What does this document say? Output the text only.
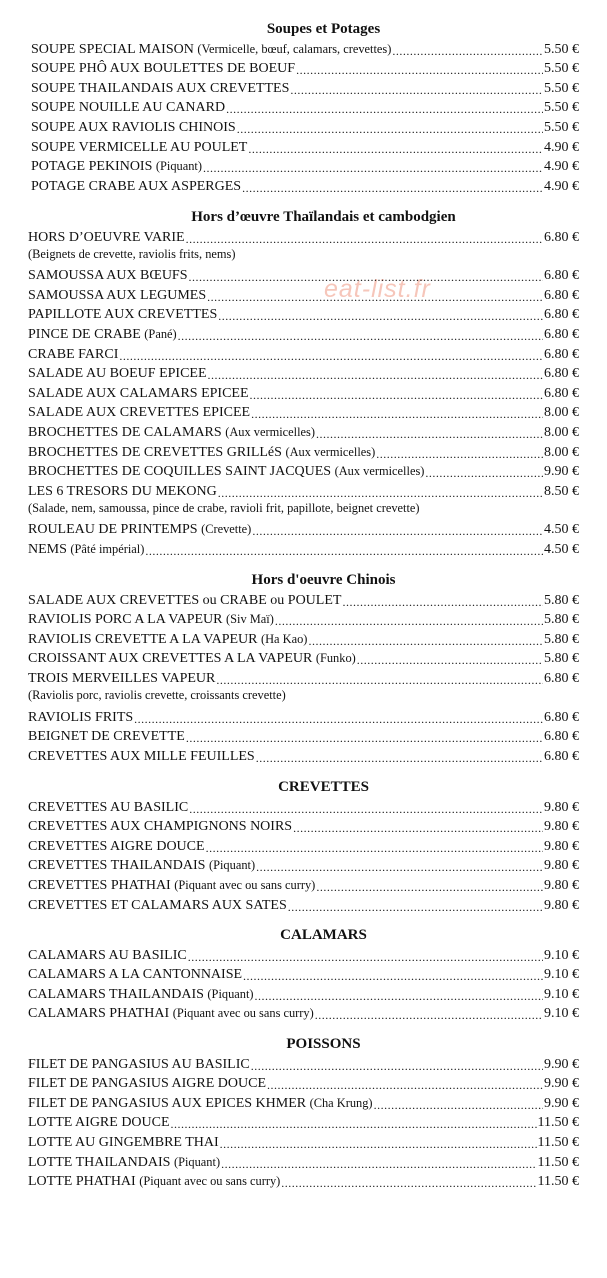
eat-list.fr
Soupes et Potages
SOUPE SPECIAL MAISON (Vermicelle, bœuf, calamars, crevettes) .....	5.50 €
SOUPE PHÔ AUX BOULETTES DE BOEUF .....	5.50 €
SOUPE THAILANDAIS AUX CREVETTES .....	5.50 €
SOUPE NOUILLE AU CANARD .....	5.50 €
SOUPE AUX RAVIOLIS CHINOIS .....	5.50 €
SOUPE VERMICELLE AU POULET .....	4.90 €
POTAGE PEKINOIS (Piquant) .....	4.90 €
POTAGE CRABE AUX ASPERGES .....	4.90 €
Hors d’œuvre Thaïlandais et cambodgien
HORS D’OEUVRE VARIE .....	6.80 €
(Beignets de crevette, raviolis frits, nems)
SAMOUSSA AUX BŒUFS .....	6.80 €
SAMOUSSA AUX LEGUMES .....	6.80 €
PAPILLOTE AUX CREVETTES .....	6.80 €
PINCE DE CRABE (Pané) .....	6.80 €
CRABE FARCI .....	6.80 €
SALADE AU BOEUF EPICEE .....	6.80 €
SALADE AUX CALAMARS EPICEE .....	6.80 €
SALADE AUX CREVETTES EPICEE .....	8.00 €
BROCHETTES DE CALAMARS (Aux vermicelles) .....	8.00 €
BROCHETTES DE CREVETTES GRILLéS (Aux vermicelles) .....	8.00 €
BROCHETTES DE COQUILLES SAINT JACQUES (Aux vermicelles) .....	9.90 €
LES 6 TRESORS DU MEKONG .....	8.50 €
(Salade, nem, samoussa, pince de crabe, ravioli frit, papillote, beignet crevette)
ROULEAU DE PRINTEMPS (Crevette) .....	4.50 €
NEMS (Pâté impérial) .....	4.50 €
Hors d'oeuvre Chinois
SALADE AUX CREVETTES ou CRABE ou POULET .....	5.80 €
RAVIOLIS PORC A LA VAPEUR (Siv Maï) .....	5.80 €
RAVIOLIS CREVETTE A LA VAPEUR (Ha Kao) .....	5.80 €
CROISSANT AUX CREVETTES A LA VAPEUR (Funko) .....	5.80 €
TROIS MERVEILLES VAPEUR .....	6.80 €
(Raviolis porc, raviolis crevette, croissants crevette)
RAVIOLIS FRITS .....	6.80 €
BEIGNET DE CREVETTE .....	6.80 €
CREVETTES AUX MILLE FEUILLES .....	6.80 €
CREVETTES
CREVETTES AU BASILIC .....	9.80 €
CREVETTES AUX CHAMPIGNONS NOIRS .....	9.80 €
CREVETTES AIGRE DOUCE .....	9.80 €
CREVETTES THAILANDAIS (Piquant) .....	9.80 €
CREVETTES PHATHAI (Piquant avec ou sans curry) .....	9.80 €
CREVETTES ET CALAMARS AUX SATES .....	9.80 €
CALAMARS
CALAMARS AU BASILIC .....	9.10 €
CALAMARS A LA CANTONNAISE .....	9.10 €
CALAMARS THAILANDAIS (Piquant) .....	9.10 €
CALAMARS PHATHAI (Piquant avec ou sans curry) .....	9.10 €
POISSONS
FILET DE PANGASIUS AU BASILIC .....	9.90 €
FILET DE PANGASIUS AIGRE DOUCE .....	9.90 €
FILET DE PANGASIUS AUX EPICES KHMER (Cha Krung) .....	9.90 €
LOTTE AIGRE DOUCE .....	11.50 €
LOTTE AU GINGEMBRE THAI .....	11.50 €
LOTTE THAILANDAIS (Piquant) .....	11.50 €
LOTTE PHATHAI (Piquant avec ou sans curry) .....	11.50 €
